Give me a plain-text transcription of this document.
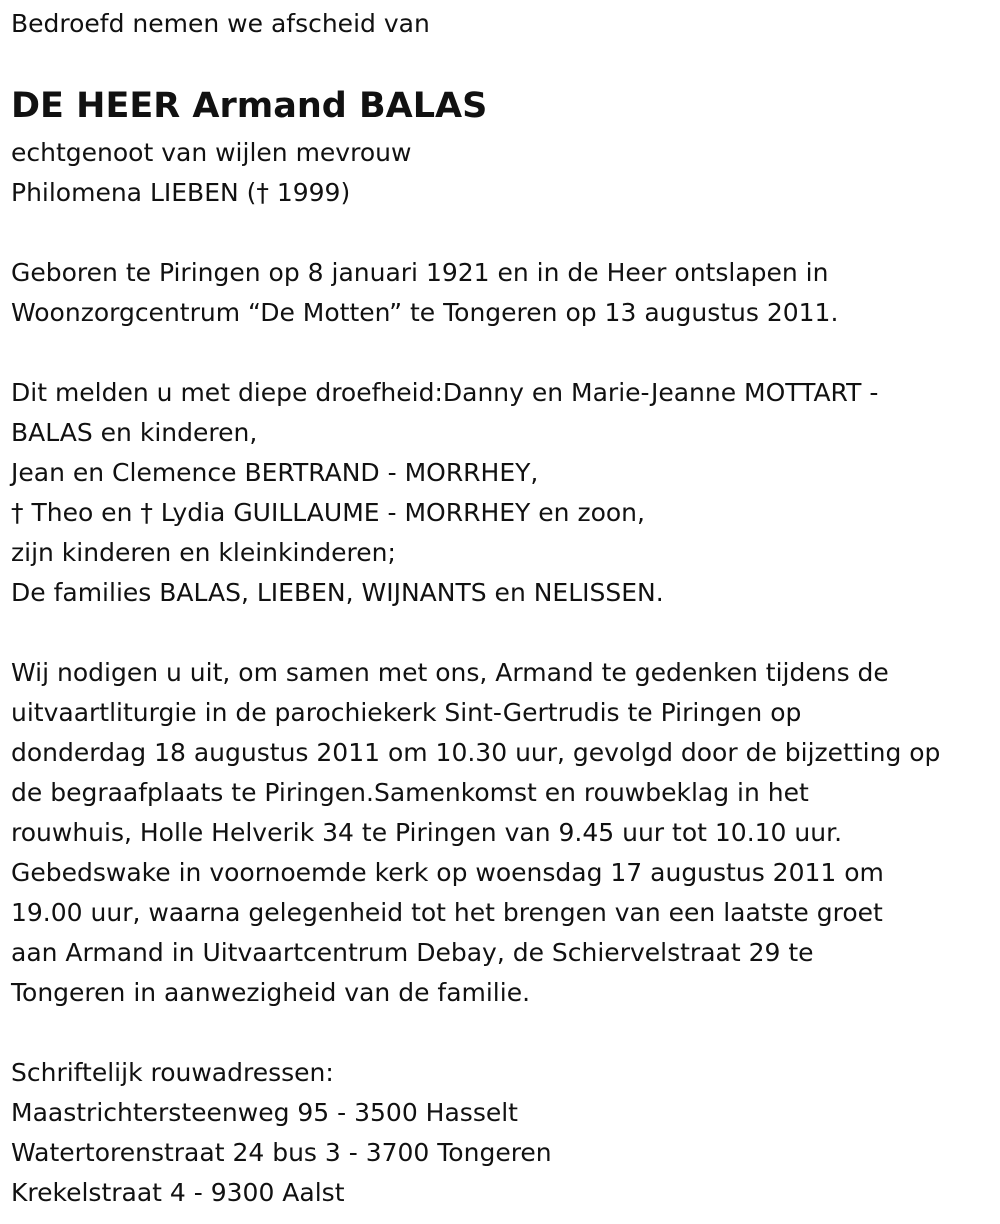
Bedroefd nemen we afscheid van
DE HEER Armand BALAS
echtgenoot van wijlen mevrouw
Philomena LIEBEN († 1999)
Geboren te Piringen op 8 januari 1921 en in de Heer ontslapen in
Woonzorgcentrum “De Motten” te Tongeren op 13 augustus 2011.
Dit melden u met diepe droefheid:Danny en Marie-Jeanne MOTTART -
BALAS en kinderen,
Jean en Clemence BERTRAND - MORRHEY,
† Theo en † Lydia GUILLAUME - MORRHEY en zoon,
zijn kinderen en kleinkinderen;
De families BALAS, LIEBEN, WIJNANTS en NELISSEN.
Wij nodigen u uit, om samen met ons, Armand te gedenken tijdens de
uitvaartliturgie in de parochiekerk Sint-Gertrudis te Piringen op
donderdag 18 augustus 2011 om 10.30 uur, gevolgd door de bijzetting op
de begraafplaats te Piringen.Samenkomst en rouwbeklag in het
rouwhuis, Holle Helverik 34 te Piringen van 9.45 uur tot 10.10 uur.
Gebedswake in voornoemde kerk op woensdag 17 augustus 2011 om
19.00 uur, waarna gelegenheid tot het brengen van een laatste groet
aan Armand in Uitvaartcentrum Debay, de Schiervelstraat 29 te
Tongeren in aanwezigheid van de familie.
Schriftelijk rouwadressen:
Maastrichtersteenweg 95 - 3500 Hasselt
Watertorenstraat 24 bus 3 - 3700 Tongeren
Krekelstraat 4 - 9300 Aalst
